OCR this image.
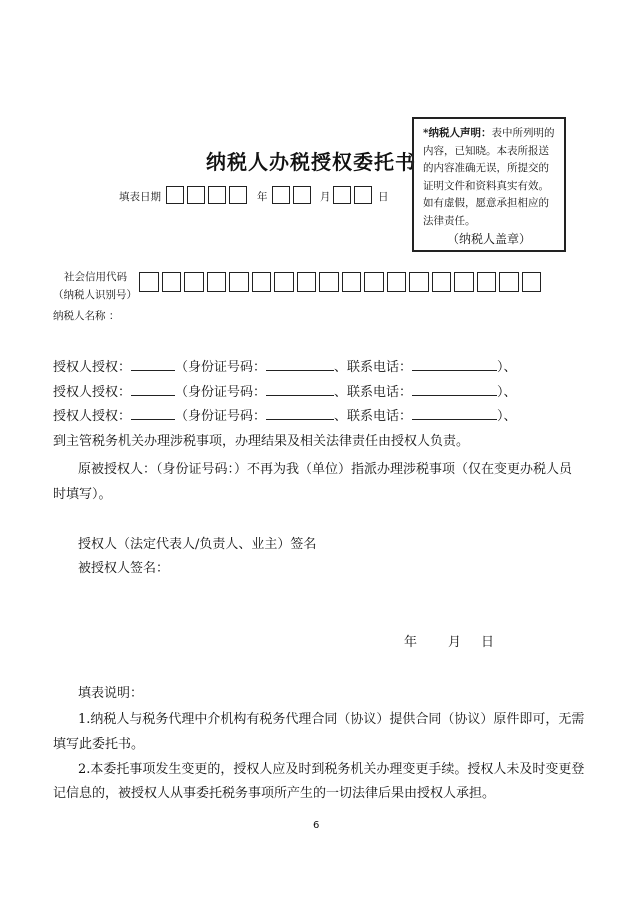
纳税人办税授权委托书
*纳税人声明：表中所列明的内容，已知晓。本表所报送的内容准确无误，所提交的证明文件和资料真实有效。如有虚假，愿意承担相应的法律责任。
（纳税人盖章）
填表日期	年	月	日
社会信用代码
（纳税人识别号）
纳税人名称 ：
授权人授权：	（身份证号码：	、联系电话：	）、
授权人授权：	（身份证号码：	、联系电话：	）、
授权人授权：	（身份证号码：	、联系电话：	）、
到主管税务机关办理涉税事项，办理结果及相关法律责任由授权人负责。
原被授权人：（身份证号码：）不再为我（单位）指派办理涉税事项（仅在变更办税人员
时填写）。
授权人（法定代表人/负责人、业主）签名
被授权人签名：
年 月 日
填表说明：
1.纳税人与税务代理中介机构有税务代理合同（协议）提供合同（协议）原件即可，无需
填写此委托书。
2.本委托事项发生变更的，授权人应及时到税务机关办理变更手续。授权人未及时变更登
记信息的，被授权人从事委托税务事项所产生的一切法律后果由授权人承担。
6
